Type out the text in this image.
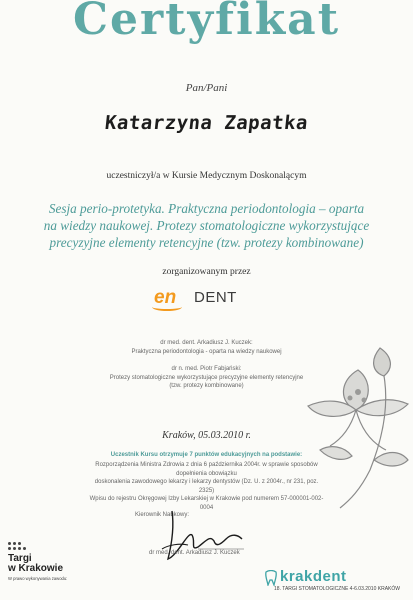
Certyfikat
Pan/Pani
Katarzyna Zapatka
uczestniczył/a w Kursie Medycznym Doskonalącym
Sesja perio-protetyka. Praktyczna periodontologia – oparta
na wiedzy naukowej. Protezy stomatologiczne wykorzystujące
precyzyjne elementy retencyjne (tzw. protezy kombinowane)
zorganizowanym przez
en DENT
dr med. dent. Arkadiusz J. Kuczek:
Praktyczna periodontologia - oparta na wiedzy naukowej
dr n. med. Piotr Fabjański:
Protezy stomatologiczne wykorzystujące precyzyjne elementy retencyjne
(tzw. protezy kombinowane)
Kraków, 05.03.2010 r.
Uczestnik Kursu otrzymuje 7 punktów edukacyjnych na podstawie:
Rozporządzenia Ministra Zdrowia z dnia 6 października 2004r. w sprawie sposobów dopełnienia obowiązku
doskonalenia zawodowego lekarzy i lekarzy dentystów (Dz. U. z 2004r., nr 231, poz. 2325)
Wpisu do rejestru Okręgowej Izby Lekarskiej w Krakowie pod numerem 57-000001-002-0004
Kierownik Naukowy:
dr med. dent. Arkadiusz J. Kuczek
Targi
w Krakowie
W prawo wykonywania zawodu:	krakdent
18. TARGI STOMATOLOGICZNE 4-6.03.2010 KRAKÓW
